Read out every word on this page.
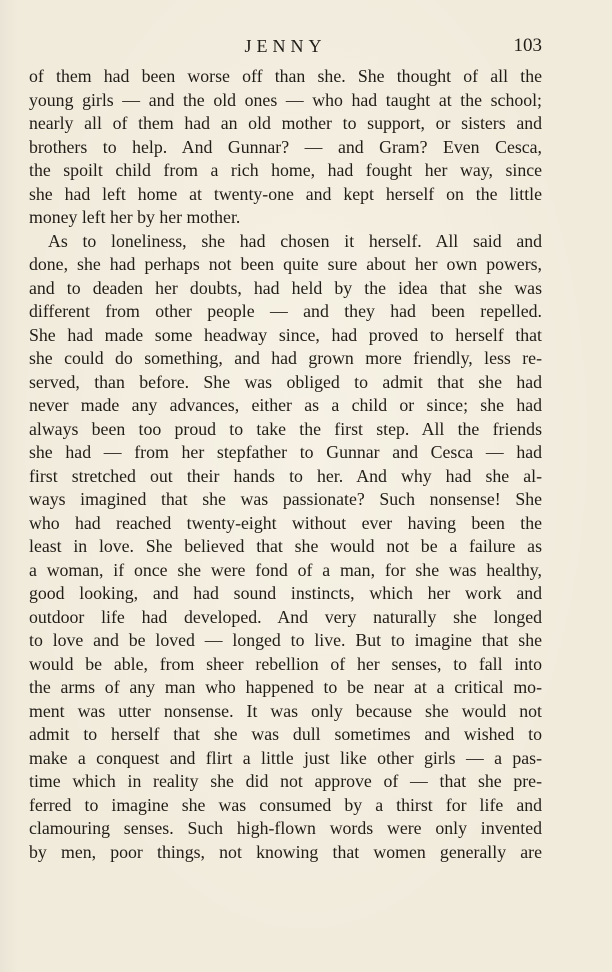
JENNY	103
of them had been worse off than she. She thought of all the
young girls — and the old ones — who had taught at the school;
nearly all of them had an old mother to support, or sisters and
brothers to help. And Gunnar? — and Gram? Even Cesca,
the spoilt child from a rich home, had fought her way, since
she had left home at twenty-one and kept herself on the little
money left her by her mother.
As to loneliness, she had chosen it herself. All said and
done, she had perhaps not been quite sure about her own powers,
and to deaden her doubts, had held by the idea that she was
different from other people — and they had been repelled.
She had made some headway since, had proved to herself that
she could do something, and had grown more friendly, less re-
served, than before. She was obliged to admit that she had
never made any advances, either as a child or since; she had
always been too proud to take the first step. All the friends
she had — from her stepfather to Gunnar and Cesca — had
first stretched out their hands to her. And why had she al-
ways imagined that she was passionate? Such nonsense! She
who had reached twenty-eight without ever having been the
least in love. She believed that she would not be a failure as
a woman, if once she were fond of a man, for she was healthy,
good looking, and had sound instincts, which her work and
outdoor life had developed. And very naturally she longed
to love and be loved — longed to live. But to imagine that she
would be able, from sheer rebellion of her senses, to fall into
the arms of any man who happened to be near at a critical mo-
ment was utter nonsense. It was only because she would not
admit to herself that she was dull sometimes and wished to
make a conquest and flirt a little just like other girls — a pas-
time which in reality she did not approve of — that she pre-
ferred to imagine she was consumed by a thirst for life and
clamouring senses. Such high-flown words were only invented
by men, poor things, not knowing that women generally are
